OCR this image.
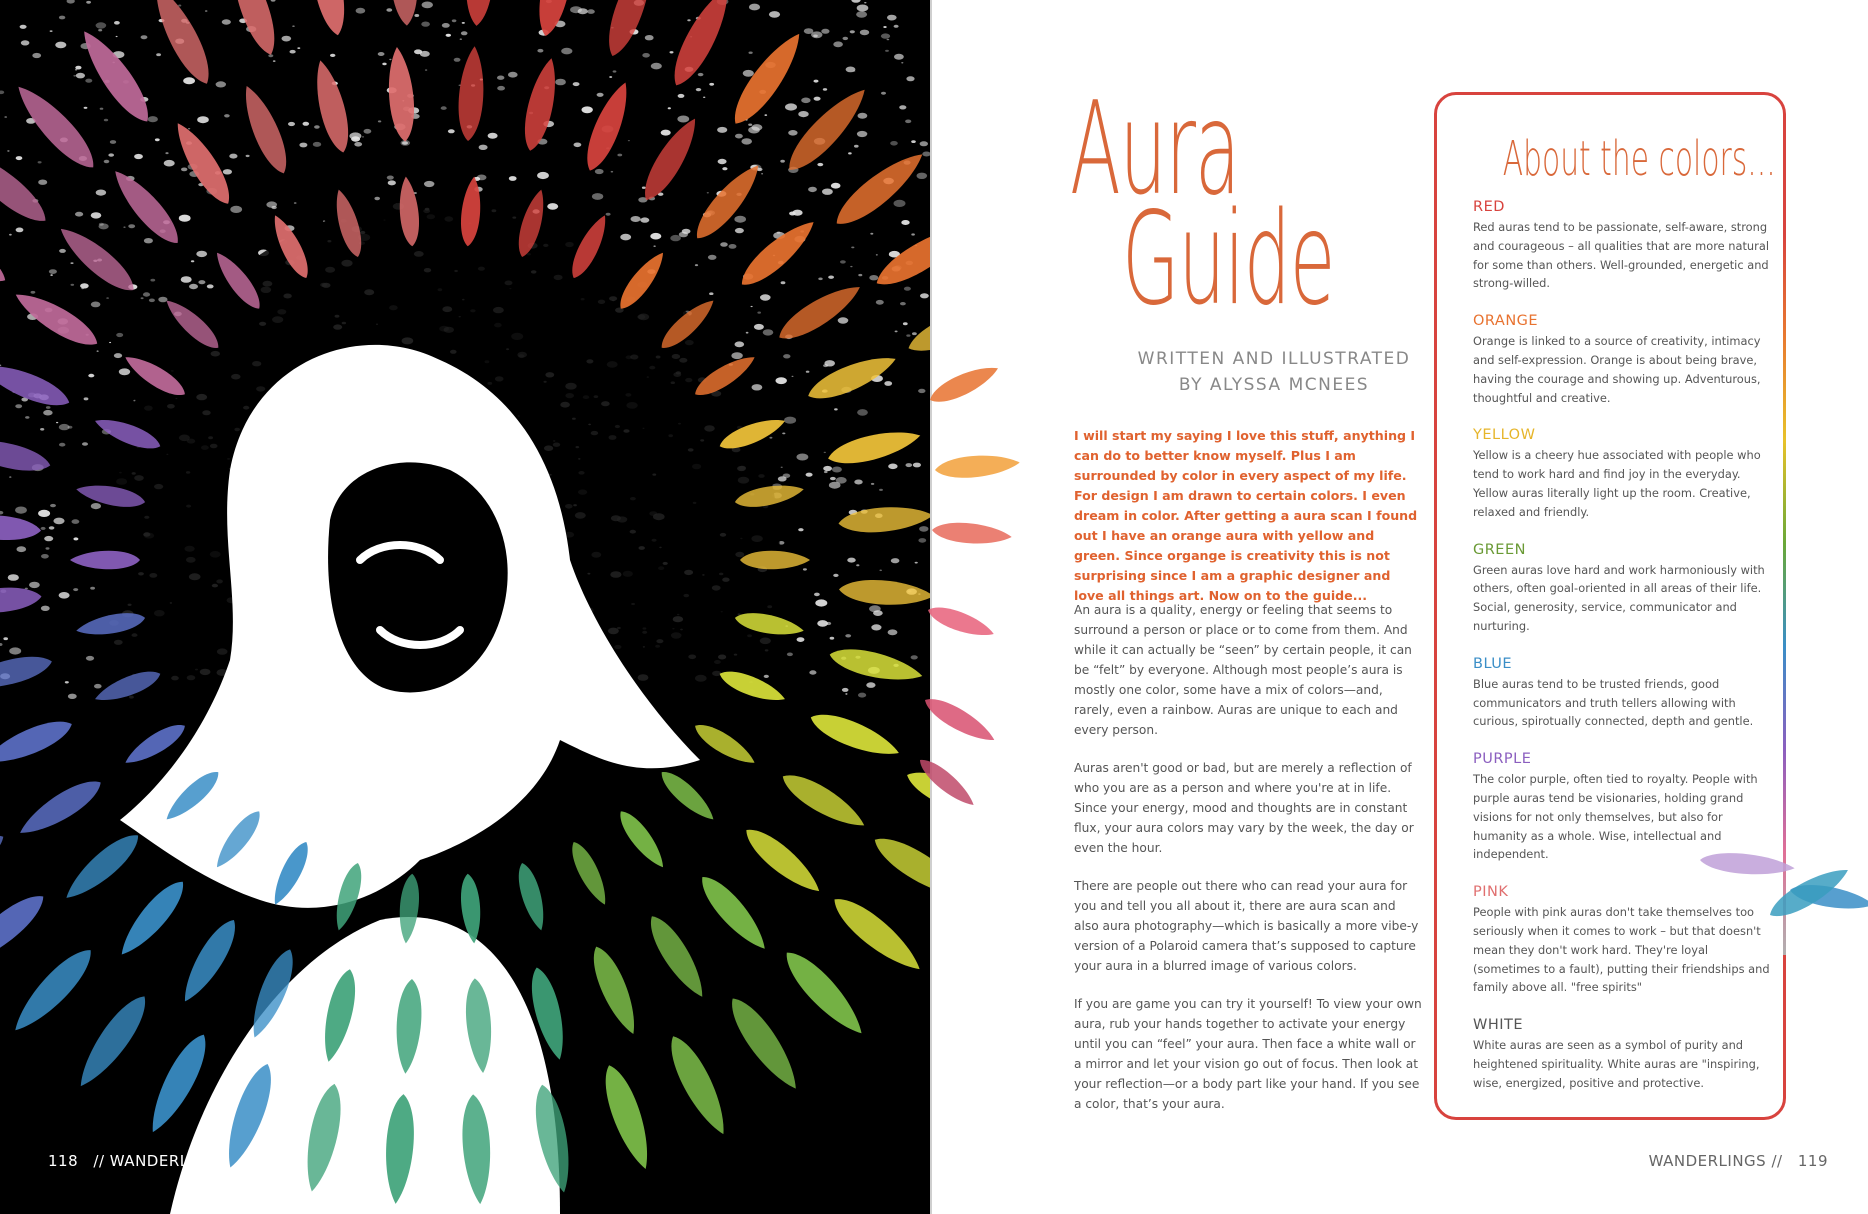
118 // WANDERLINGS
Aura
Guide
WRITTEN AND ILLUSTRATED
BY ALYSSA MCNEES
I will start my saying I love this stuff, anything I can do to better know myself. Plus I am surrounded by color in every aspect of my life. For design I am drawn to certain colors. I even dream in color. After getting a aura scan I found out I have an orange aura with yellow and green. Since organge is creativity this is not surprising since I am a graphic designer and love all things art. Now on to the guide...

An aura is a quality, energy or feeling that seems to surround a person or place or to come from them. And while it can actually be “seen” by certain people, it can be “felt” by everyone. Although most people’s aura is mostly one color, some have a mix of colors—and, rarely, even a rainbow. Auras are unique to each and every person.

Auras aren't good or bad, but are merely a reflection of who you are as a person and where you're at in life. Since your energy, mood and thoughts are in constant flux, your aura colors may vary by the week, the day or even the hour.

There are people out there who can read your aura for you and tell you all about it, there are aura scan and also aura photography—which is basically a more vibe-y version of a Polaroid camera that’s supposed to capture your aura in a blurred image of various colors.

If you are game you can try it yourself! To view your own aura, rub your hands together to activate your energy until you can “feel” your aura. Then face a white wall or a mirror and let your vision go out of focus. Then look at your reflection—or a body part like your hand. If you see a color, that’s your aura.

About the colors...
RED
Red auras tend to be passionate, self-aware, strong and courageous – all qualities that are more natural for some than others. Well-grounded, energetic and strong-willed.
ORANGE
Orange is linked to a source of creativity, intimacy and self-expression. Orange is about being brave, having the courage and showing up. Adventurous, thoughtful and creative.
YELLOW
Yellow is a cheery hue associated with people who tend to work hard and find joy in the everyday. Yellow auras literally light up the room. Creative, relaxed and friendly.
GREEN
Green auras love hard and work harmoniously with others, often goal-oriented in all areas of their life. Social, generosity, service, communicator and nurturing.
BLUE
Blue auras tend to be trusted friends, good communicators and truth tellers allowing with curious, spirotually connected, depth and gentle.
PURPLE
The color purple, often tied to royalty. People with purple auras tend be visionaries, holding grand visions for not only themselves, but also for humanity as a whole. Wise, intellectual and independent.
PINK
People with pink auras don't take themselves too seriously when it comes to work – but that doesn't mean they don't work hard. They're loyal (sometimes to a fault), putting their friendships and family above all. "free spirits"
WHITE
White auras are seen as a symbol of purity and heightened spirituality. White auras are "inspiring, wise, energized, positive and protective.
WANDERLINGS // 119
